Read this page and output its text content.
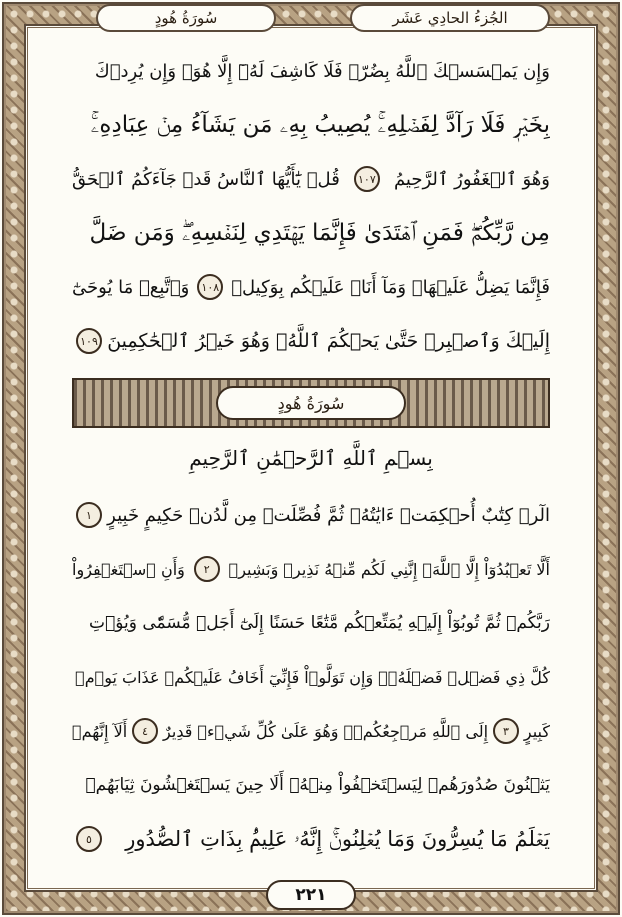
سُورَةُ هُودٍ	الجُزءُ الحادِي عَشَر
وَإِن يَمۡسَسۡكَ ٱللَّهُ بِضُرّٖ فَلَا كَاشِفَ لَهُۥٓ إِلَّا هُوَۖ وَإِن يُرِدۡكَ
بِخَيۡرٖ فَلَا رَآدَّ لِفَضۡلِهِۦۚ يُصِيبُ بِهِۦ مَن يَشَآءُ مِنۡ عِبَادِهِۦۚ
وَهُوَ ٱلۡغَفُورُ ٱلرَّحِيمُ
١٠٧
قُلۡ يَٰٓأَيُّهَا ٱلنَّاسُ قَدۡ جَآءَكُمُ ٱلۡحَقُّ
مِن رَّبِّكُمۡۖ فَمَنِ ٱهۡتَدَىٰ فَإِنَّمَا يَهۡتَدِي لِنَفۡسِهِۦۖ وَمَن ضَلَّ
فَإِنَّمَا يَضِلُّ عَلَيۡهَاۖ وَمَآ أَنَا۠ عَلَيۡكُم بِوَكِيلٖ
١٠٨
وَٱتَّبِعۡ مَا يُوحَىٰٓ
إِلَيۡكَ وَٱصۡبِرۡ حَتَّىٰ يَحۡكُمَ ٱللَّهُۚ وَهُوَ خَيۡرُ ٱلۡحَٰكِمِينَ
١٠٩
سُورَةُ هُودٍ
بِسۡمِ ٱللَّهِ ٱلرَّحۡمَٰنِ ٱلرَّحِيمِ
الٓرۚ كِتَٰبٌ أُحۡكِمَتۡ ءَايَٰتُهُۥ ثُمَّ فُصِّلَتۡ مِن لَّدُنۡ حَكِيمٍ خَبِيرٍ
١
أَلَّا تَعۡبُدُوٓاْ إِلَّا ٱللَّهَۚ إِنَّنِي لَكُم مِّنۡهُ نَذِيرٞ وَبَشِيرٞ
٢
وَأَنِ ٱسۡتَغۡفِرُواْ
رَبَّكُمۡ ثُمَّ تُوبُوٓاْ إِلَيۡهِ يُمَتِّعۡكُم مَّتَٰعًا حَسَنًا إِلَىٰٓ أَجَلٖ مُّسَمّٗى وَيُؤۡتِ
كُلَّ ذِي فَضۡلٖ فَضۡلَهُۥۖ وَإِن تَوَلَّوۡاْ فَإِنِّيٓ أَخَافُ عَلَيۡكُمۡ عَذَابَ يَوۡمٖ
كَبِيرٍ
٣
إِلَى ٱللَّهِ مَرۡجِعُكُمۡۖ وَهُوَ عَلَىٰ كُلِّ شَيۡءٖ قَدِيرٌ
٤
أَلَآ إِنَّهُمۡ
يَثۡنُونَ صُدُورَهُمۡ لِيَسۡتَخۡفُواْ مِنۡهُۚ أَلَا حِينَ يَسۡتَغۡشُونَ ثِيَابَهُمۡ
يَعۡلَمُ مَا يُسِرُّونَ وَمَا يُعۡلِنُونَۚ إِنَّهُۥ عَلِيمُۢ بِذَاتِ ٱلصُّدُورِ
٥
٢٢١
